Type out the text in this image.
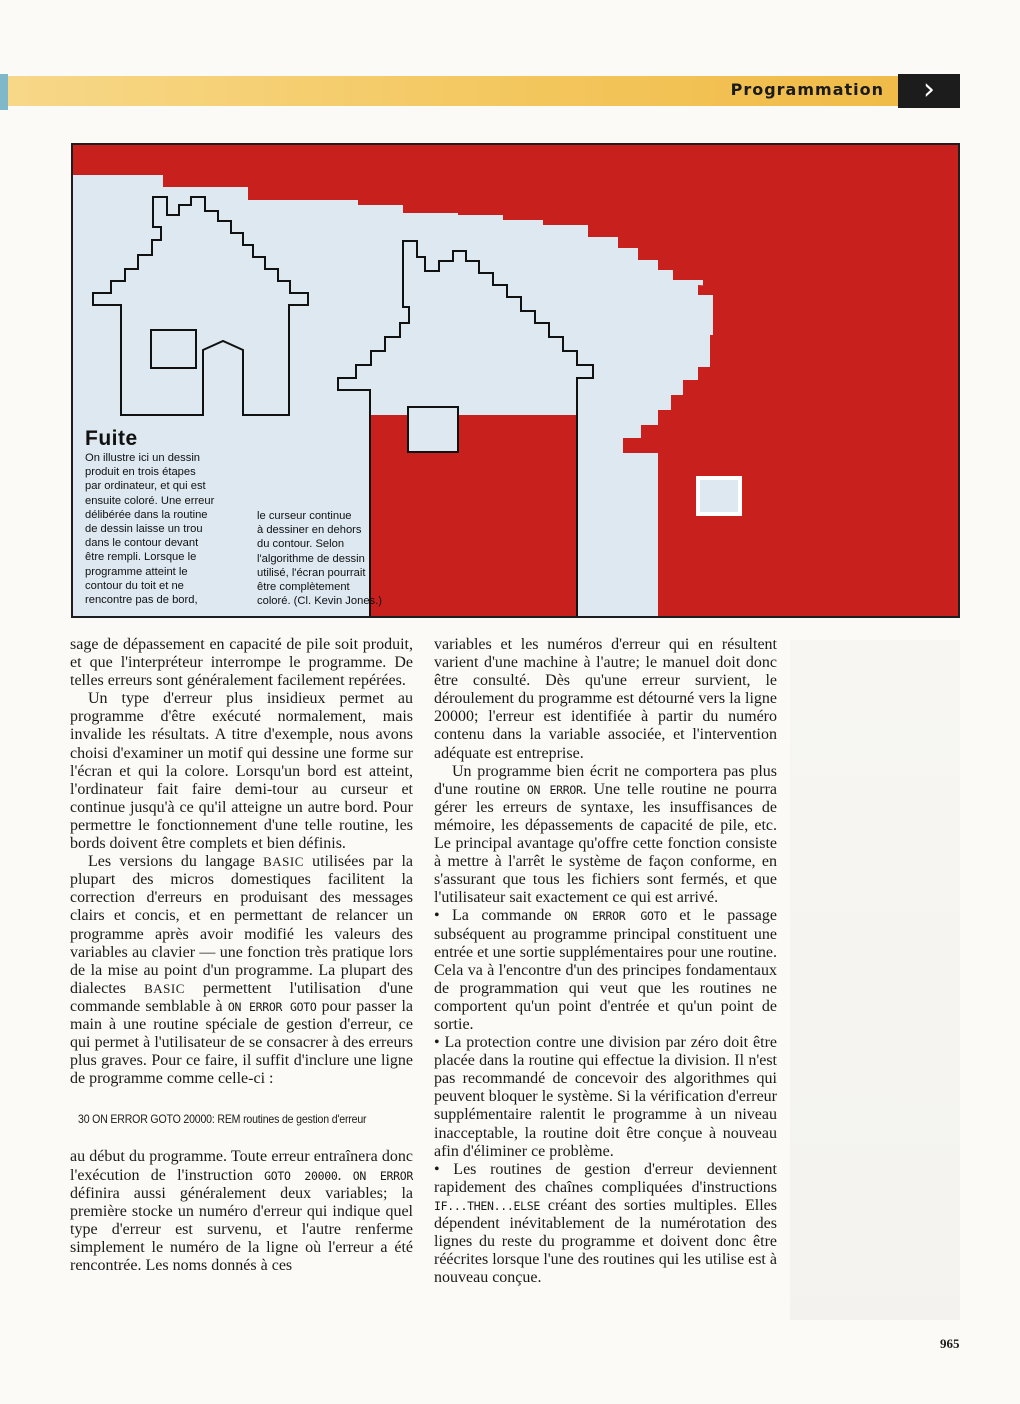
Programmation	›
Fuite
On illustre ici un dessin
produit en trois étapes
par ordinateur, et qui est
ensuite coloré. Une erreur
délibérée dans la routine
de dessin laisse un trou
dans le contour devant
être rempli. Lorsque le
programme atteint le
contour du toit et ne
rencontre pas de bord,
le curseur continue
à dessiner en dehors
du contour. Selon
l'algorithme de dessin
utilisé, l'écran pourrait
être complètement
coloré. (Cl. Kevin Jones.)

sage de dépassement en capacité de pile soit produit, et que l'interpréteur interrompe le programme. De telles erreurs sont généralement facilement repérées.

Un type d'erreur plus insidieux permet au programme d'être exécuté normalement, mais invalide les résultats. A titre d'exemple, nous avons choisi d'examiner un motif qui dessine une forme sur l'écran et qui la colore. Lorsqu'un bord est atteint, l'ordinateur fait faire demi-tour au curseur et continue jusqu'à ce qu'il atteigne un autre bord. Pour permettre le fonctionnement d'une telle routine, les bords doivent être complets et bien définis.

Les versions du langage BASIC utilisées par la plupart des micros domestiques facilitent la correction d'erreurs en produisant des messages clairs et concis, et en permettant de relancer un programme après avoir modifié les valeurs des variables au clavier — une fonction très pratique lors de la mise au point d'un programme. La plupart des dialectes BASIC permettent l'utilisation d'une commande semblable à ON ERROR GOTO pour passer la main à une routine spéciale de gestion d'erreur, ce qui permet à l'utilisateur de se consacrer à des erreurs plus graves. Pour ce faire, il suffit d'inclure une ligne de programme comme celle-ci :

30 ON ERROR GOTO 20000: REM routines de gestion d'erreur

au début du programme. Toute erreur entraînera donc l'exécution de l'instruction GOTO 20000. ON ERROR définira aussi généralement deux variables; la première stocke un numéro d'erreur qui indique quel type d'erreur est survenu, et l'autre renferme simplement le numéro de la ligne où l'erreur a été rencontrée. Les noms donnés à ces

variables et les numéros d'erreur qui en résultent varient d'une machine à l'autre; le manuel doit donc être consulté. Dès qu'une erreur survient, le déroulement du programme est détourné vers la ligne 20000; l'erreur est identifiée à partir du numéro contenu dans la variable associée, et l'intervention adéquate est entreprise.

Un programme bien écrit ne comportera pas plus d'une routine ON ERROR. Une telle routine ne pourra gérer les erreurs de syntaxe, les insuffisances de mémoire, les dépassements de capacité de pile, etc. Le principal avantage qu'offre cette fonction consiste à mettre à l'arrêt le système de façon conforme, en s'assurant que tous les fichiers sont fermés, et que l'utilisateur sait exactement ce qui est arrivé.

• La commande ON ERROR GOTO et le passage subséquent au programme principal constituent une entrée et une sortie supplémentaires pour une routine. Cela va à l'encontre d'un des principes fondamentaux de programmation qui veut que les routines ne comportent qu'un point d'entrée et qu'un point de sortie.

• La protection contre une division par zéro doit être placée dans la routine qui effectue la division. Il n'est pas recommandé de concevoir des algorithmes qui peuvent bloquer le système. Si la vérification d'erreur supplémentaire ralentit le programme à un niveau inacceptable, la routine doit être conçue à nouveau afin d'éliminer ce problème.

• Les routines de gestion d'erreur deviennent rapidement des chaînes compliquées d'instructions IF...THEN...ELSE créant des sorties multiples. Elles dépendent inévitablement de la numérotation des lignes du reste du programme et doivent donc être réécrites lorsque l'une des routines qui les utilise est à nouveau conçue.

965
